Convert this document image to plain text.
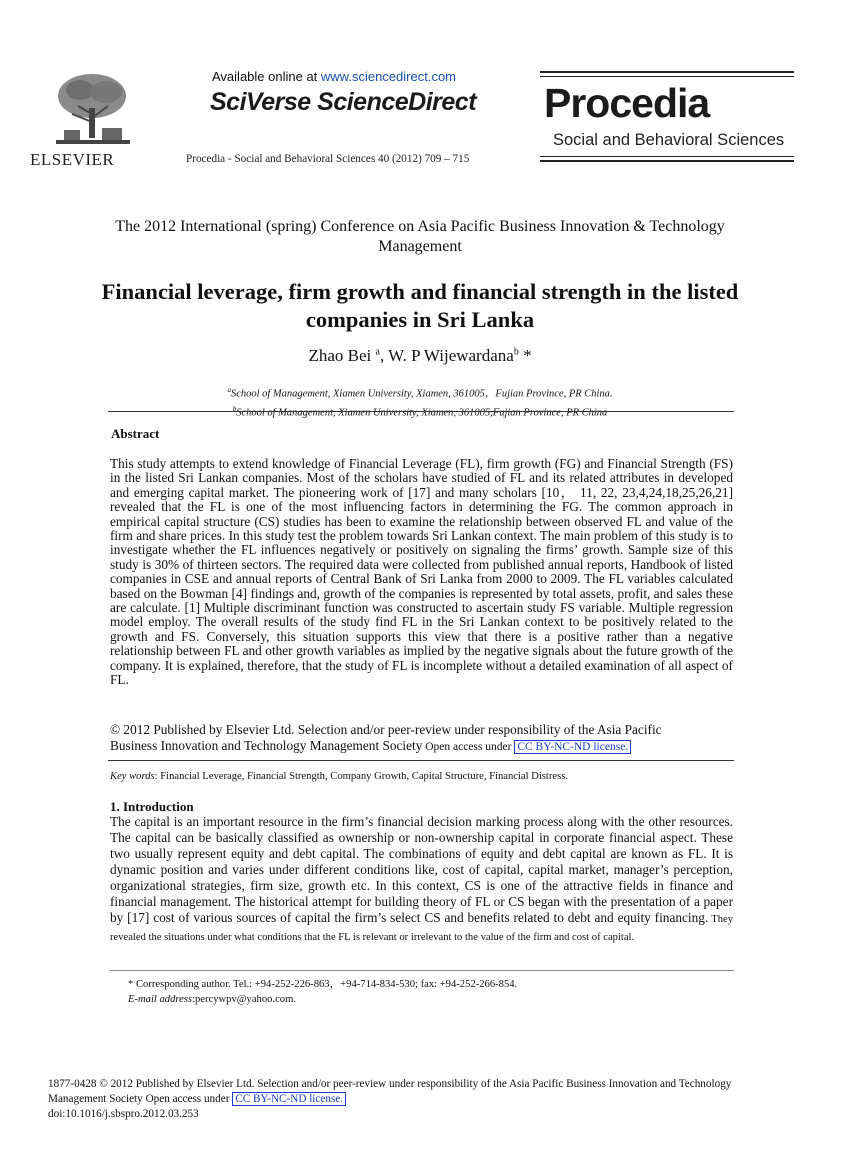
ELSEVIER
Available online at www.sciencedirect.com
SciVerse ScienceDirect
Procedia - Social and Behavioral Sciences 40 (2012) 709 – 715
Procedia
Social and Behavioral Sciences
The 2012 International (spring) Conference on Asia Pacific Business Innovation & Technology Management
Financial leverage, firm growth and financial strength in the listed companies in Sri Lanka
Zhao Bei $^a$, W. P Wijewardana$^b$ *
$^a$School of Management, Xiamen University, Xiamen, 361005，Fujian Province, PR China.
$^b$School of Management, Xiamen University, Xiamen, 361005,Fujian Province, PR China
Abstract
This study attempts to extend knowledge of Financial Leverage (FL), firm growth (FG) and Financial Strength (FS) in the listed Sri Lankan companies. Most of the scholars have studied of FL and its related attributes in developed and emerging capital market. The pioneering work of [17] and many scholars [10， 11, 22, 23,4,24,18,25,26,21] revealed that the FL is one of the most influencing factors in determining the FG. The common approach in empirical capital structure (CS) studies has been to examine the relationship between observed FL and value of the firm and share prices. In this study test the problem towards Sri Lankan context. The main problem of this study is to investigate whether the FL influences negatively or positively on signaling the firms’ growth. Sample size of this study is 30% of thirteen sectors. The required data were collected from published annual reports, Handbook of listed companies in CSE and annual reports of Central Bank of Sri Lanka from 2000 to 2009. The FL variables calculated based on the Bowman [4] findings and, growth of the companies is represented by total assets, profit, and sales these are calculate. [1] Multiple discriminant function was constructed to ascertain study FS variable. Multiple regression model employ. The overall results of the study find FL in the Sri Lankan context to be positively related to the growth and FS. Conversely, this situation supports this view that there is a positive rather than a negative relationship between FL and other growth variables as implied by the negative signals about the future growth of the company. It is explained, therefore, that the study of FL is incomplete without a detailed examination of all aspect of FL.
© 2012 Published by Elsevier Ltd. Selection and/or peer-review under responsibility of the Asia Pacific
Business Innovation and Technology Management Society Open access under CC BY-NC-ND license.
Key words: Financial Leverage, Financial Strength, Company Growth, Capital Structure, Financial Distress.
1. Introduction
The capital is an important resource in the firm’s financial decision marking process along with the other resources. The capital can be basically classified as ownership or non-ownership capital in corporate financial aspect. These two usually represent equity and debt capital. The combinations of equity and debt capital are known as FL. It is dynamic position and varies under different conditions like, cost of capital, capital market, manager’s perception, organizational strategies, firm size, growth etc. In this context, CS is one of the attractive fields in finance and financial management. The historical attempt for building theory of FL or CS began with the presentation of a paper by [17] cost of various sources of capital the firm’s select CS and benefits related to debt and equity financing. They revealed the situations under what conditions that the FL is relevant or irrelevant to the value of the firm and cost of capital.
* Corresponding author. Tel.: +94-252-226-863，+94-714-834-530; fax: +94-252-266-854.
E-mail address:percywpv@yahoo.com.
1877-0428 © 2012 Published by Elsevier Ltd. Selection and/or peer-review under responsibility of the Asia Pacific Business Innovation and Technology
Management Society Open access under CC BY-NC-ND license.
doi:10.1016/j.sbspro.2012.03.253
